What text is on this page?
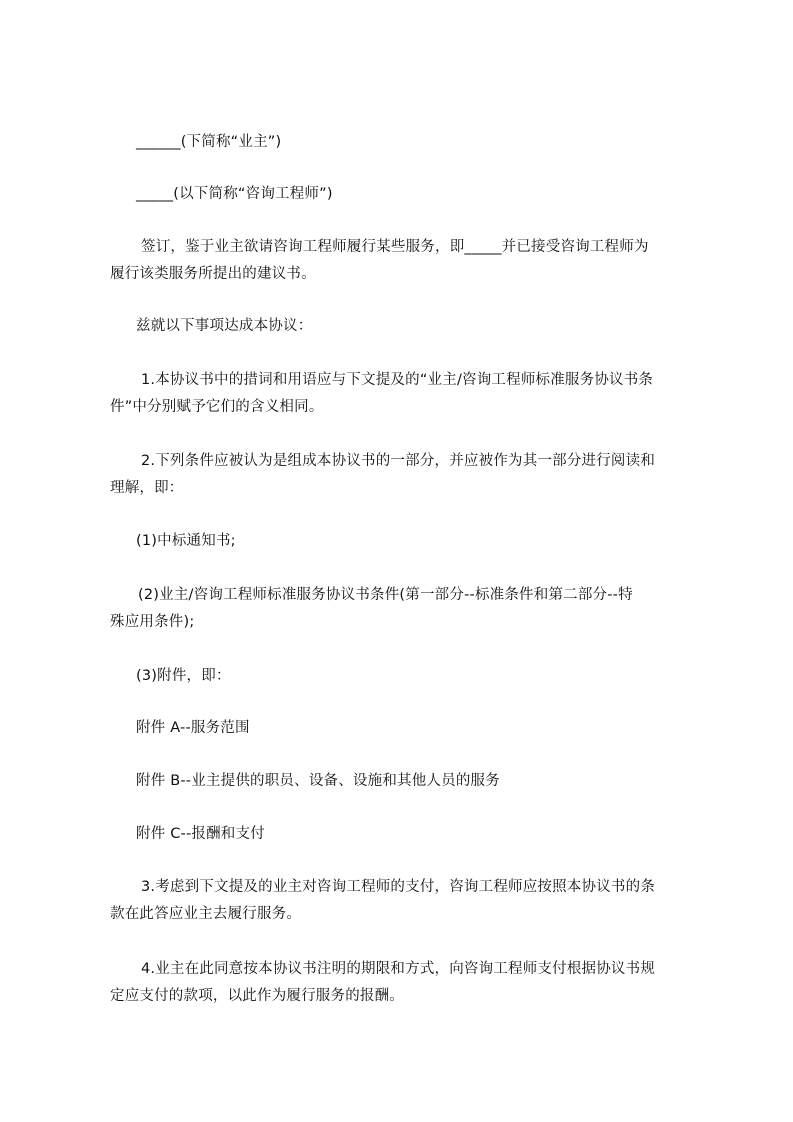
______(下简称“业主”)
_____(以下简称“咨询工程师”)
签订，鉴于业主欲请咨询工程师履行某些服务，即_____并已接受咨询工程师为
履行该类服务所提出的建议书。
兹就以下事项达成本协议：
1.本协议书中的措词和用语应与下文提及的“业主/咨询工程师标准服务协议书条
件”中分别赋予它们的含义相同。
2.下列条件应被认为是组成本协议书的一部分，并应被作为其一部分进行阅读和
理解，即：
(1)中标通知书;
(2)业主/咨询工程师标准服务协议书条件(第一部分--标准条件和第二部分--特
殊应用条件);
(3)附件，即：
附件 A--服务范围
附件 B--业主提供的职员、设备、设施和其他人员的服务
附件 C--报酬和支付
3.考虑到下文提及的业主对咨询工程师的支付，咨询工程师应按照本协议书的条
款在此答应业主去履行服务。
4.业主在此同意按本协议书注明的期限和方式，向咨询工程师支付根据协议书规
定应支付的款项，以此作为履行服务的报酬。
